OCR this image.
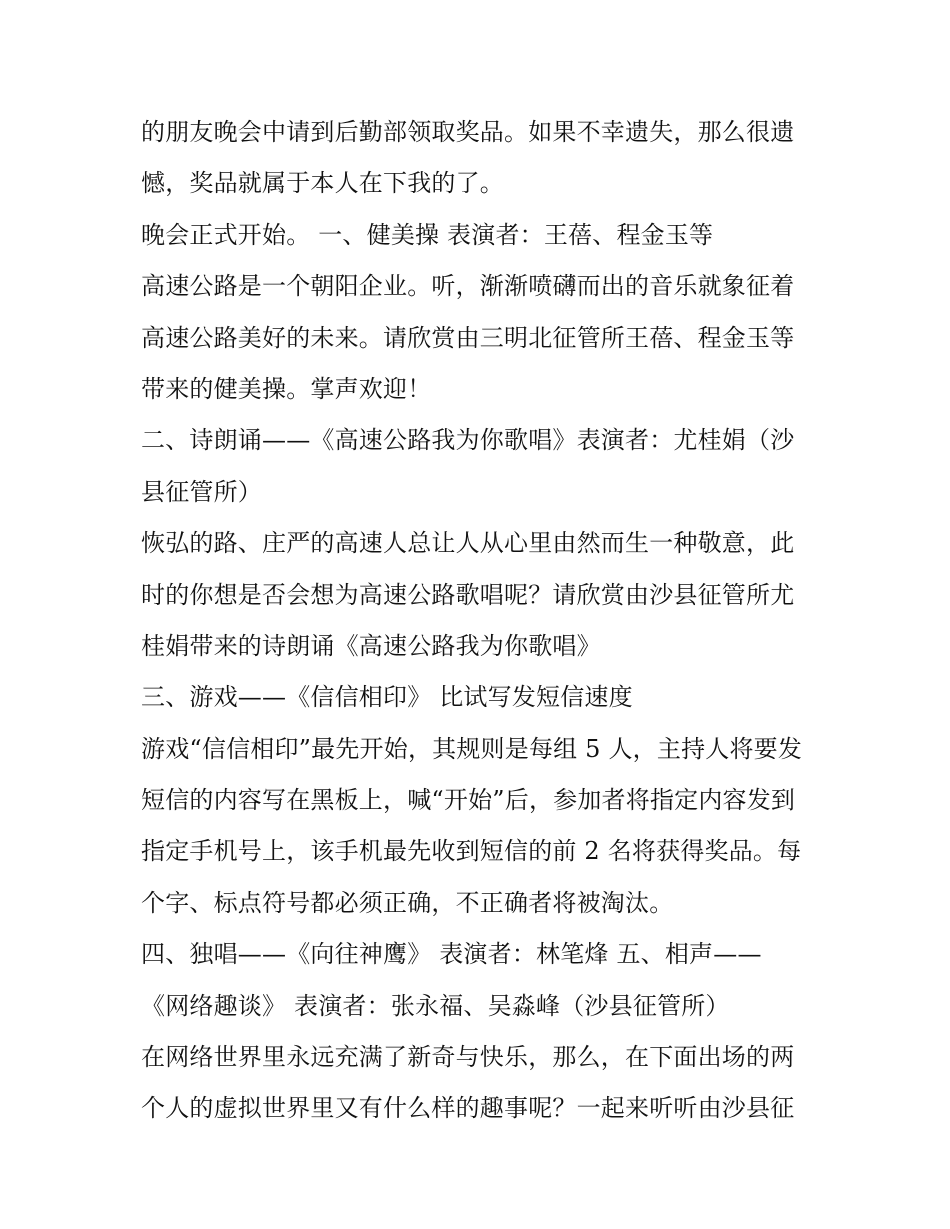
的朋友晚会中请到后勤部领取奖品。如果不幸遗失，那么很遗
憾，奖品就属于本人在下我的了。
晚会正式开始。 一、健美操 表演者：王蓓、程金玉等
高速公路是一个朝阳企业。听，渐渐喷礴而出的音乐就象征着
高速公路美好的未来。请欣赏由三明北征管所王蓓、程金玉等
带来的健美操。掌声欢迎！
二、诗朗诵——《高速公路我为你歌唱》表演者：尤桂娟（沙
县征管所）
恢弘的路、庄严的高速人总让人从心里由然而生一种敬意，此
时的你想是否会想为高速公路歌唱呢？请欣赏由沙县征管所尤
桂娟带来的诗朗诵《高速公路我为你歌唱》
三、游戏——《信信相印》 比试写发短信速度
游戏“信信相印”最先开始，其规则是每组 5 人，主持人将要发
短信的内容写在黑板上，喊“开始”后，参加者将指定内容发到
指定手机号上，该手机最先收到短信的前 2 名将获得奖品。每
个字、标点符号都必须正确，不正确者将被淘汰。
四、独唱——《向往神鹰》 表演者：林笔烽 五、相声——
《网络趣谈》 表演者：张永福、吴淼峰（沙县征管所）
在网络世界里永远充满了新奇与快乐，那么，在下面出场的两
个人的虚拟世界里又有什么样的趣事呢？一起来听听由沙县征
